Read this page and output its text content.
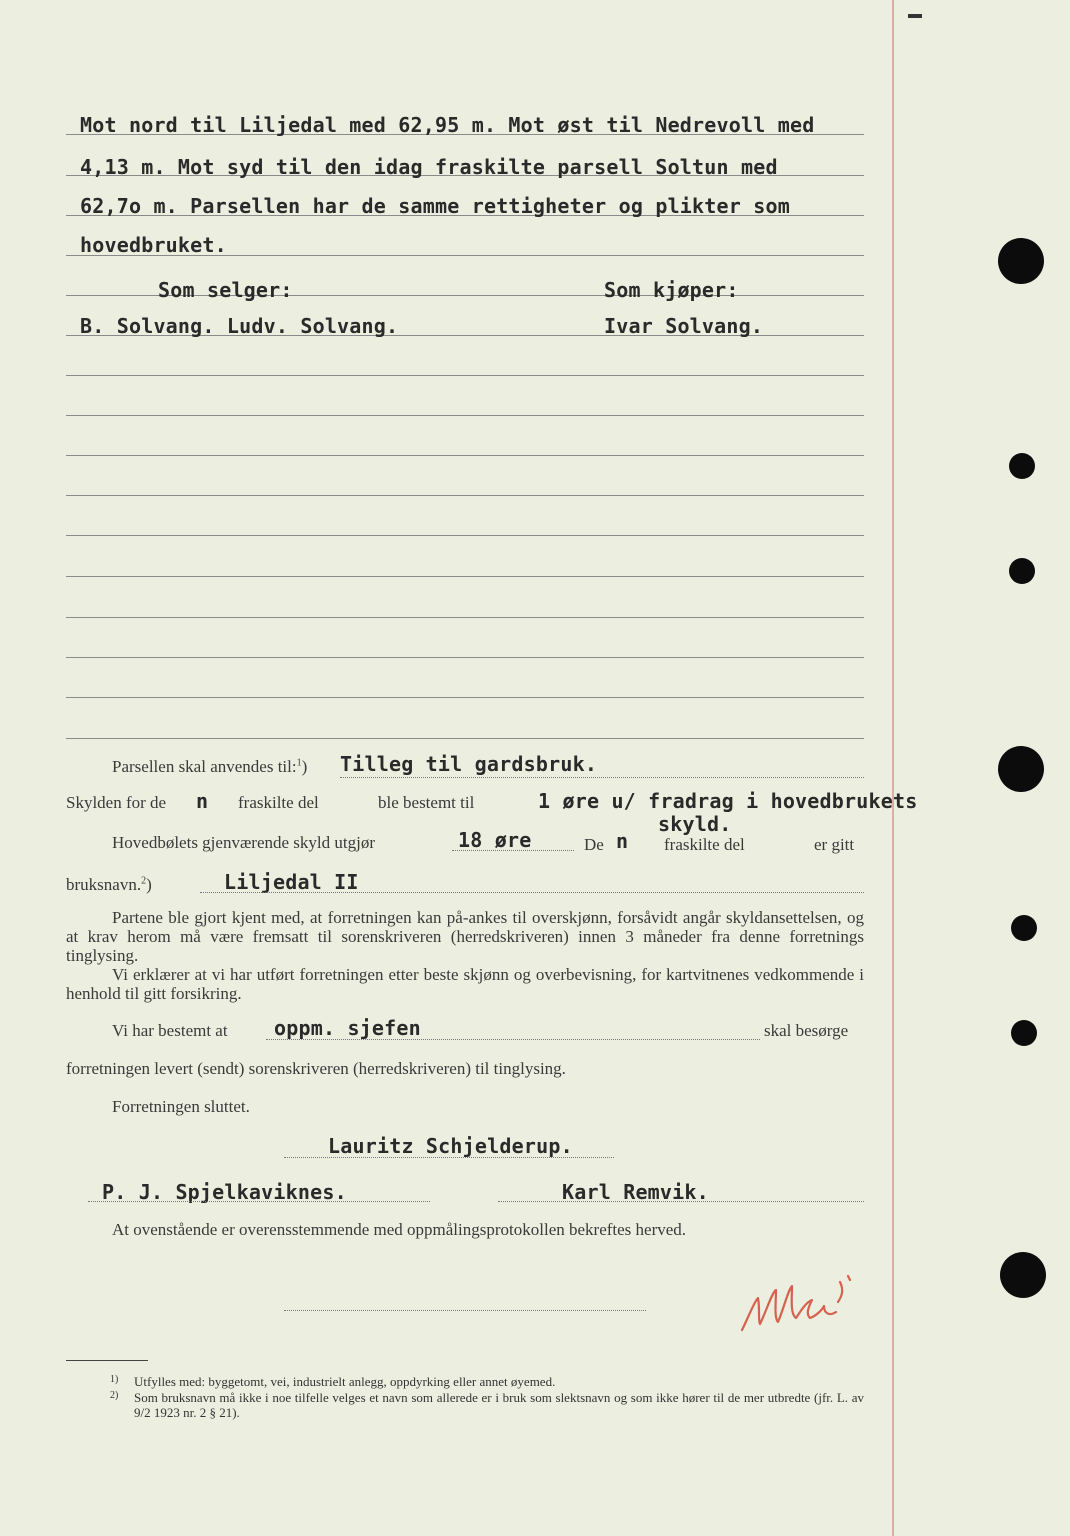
Mot nord til Liljedal med 62,95 m. Mot øst til Nedrevoll med
4,13 m. Mot syd til den idag fraskilte parsell Soltun med
62,7o m. Parsellen har de samme rettigheter og plikter som
hovedbruket.
Som selger:	Som kjøper:
B. Solvang. Ludv. Solvang.	Ivar Solvang.
Parsellen skal anvendes til:$^1$) Tilleg til gardsbruk.
Skylden for de n fraskilte del	ble bestemt til	1 øre u/ fradrag i hovedbrukets
skyld.
Hovedbølets gjenværende skyld utgjør	18 øre	De n fraskilte del	er gitt
bruksnavn.$^2$)	Liljedal II
Partene ble gjort kjent med, at forretningen kan på-ankes til overskjønn, forsåvidt angår skyldansettelsen, og at krav herom må være fremsatt til sorenskriveren (herredskriveren) innen 3 måneder fra denne forretnings tinglysing.
Vi erklærer at vi har utført forretningen etter beste skjønn og overbevisning, for kartvitnenes vedkommende i henhold til gitt forsikring.
Vi har bestemt at oppm. sjefen	skal besørge
forretningen levert (sendt) sorenskriveren (herredskriveren) til tinglysing.
Forretningen sluttet.
Lauritz Schjelderup.
P. J. Spjelkaviknes.	Karl Remvik.
At ovenstående er overensstemmende med oppmålingsprotokollen bekreftes herved.
1) Utfylles med: byggetomt, vei, industrielt anlegg, oppdyrking eller annet øyemed.
2) Som bruksnavn må ikke i noe tilfelle velges et navn som allerede er i bruk som slektsnavn og som ikke hører til de mer utbredte (jfr. L. av 9/2 1923 nr. 2 § 21).
